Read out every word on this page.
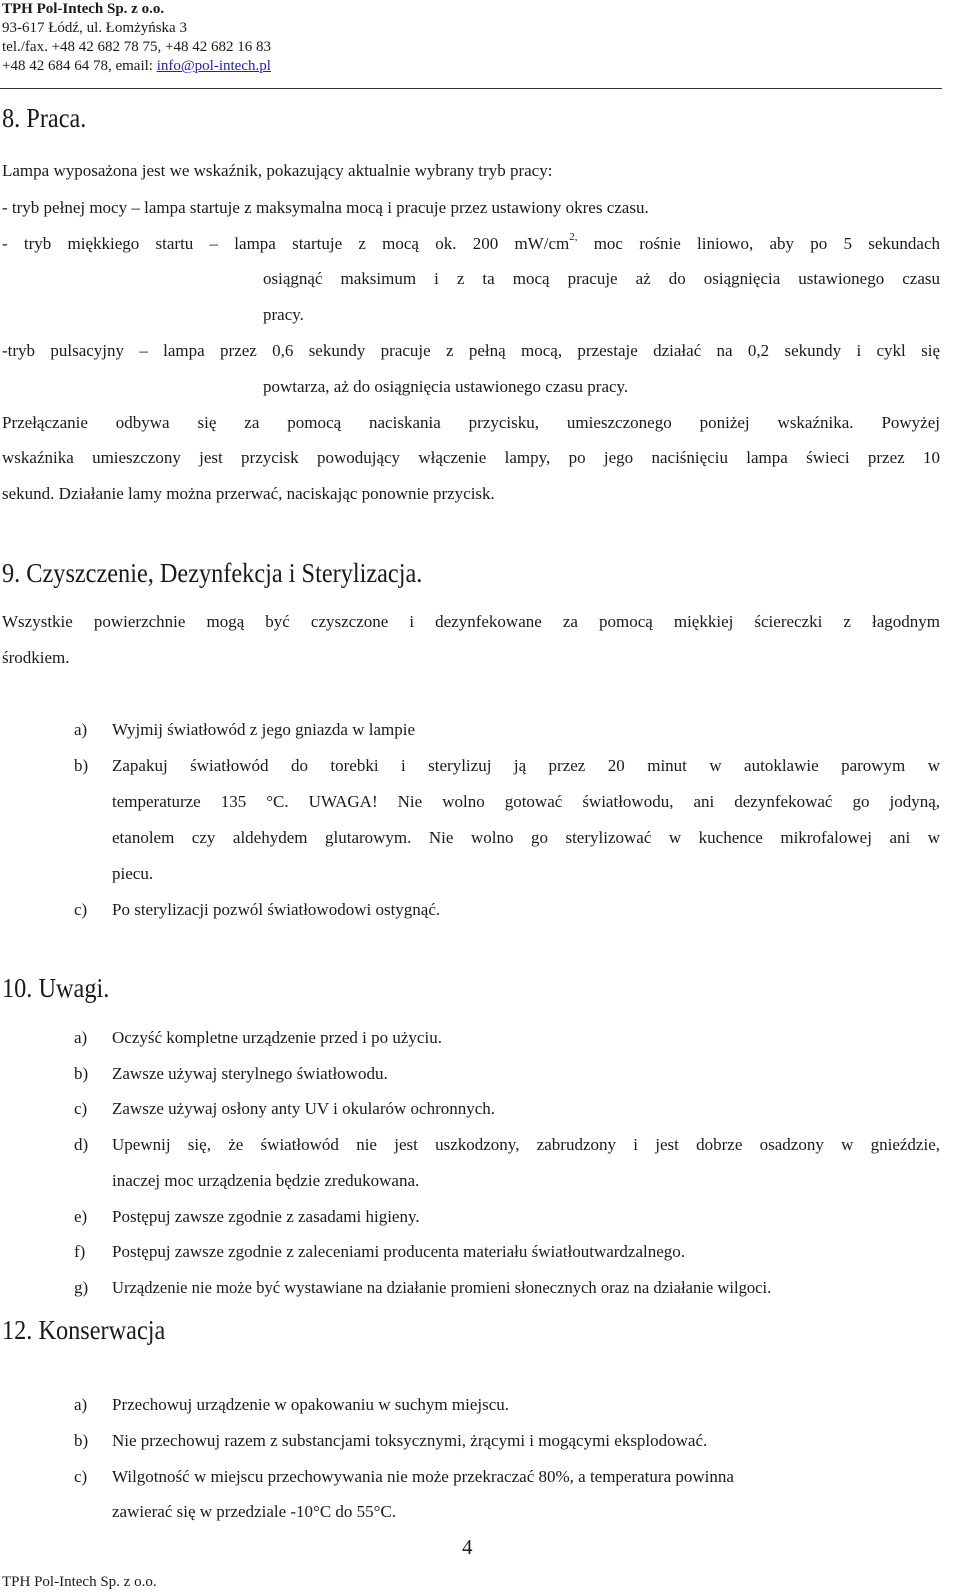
TPH Pol-Intech Sp. z o.o.
93-617 Łódź, ul. Łomżyńska 3
tel./fax. +48 42 682 78 75, +48 42 682 16 83
+48 42 684 64 78, email: info@pol-intech.pl
8. Praca.
Lampa wyposażona jest we wskaźnik, pokazujący aktualnie wybrany tryb pracy:
- tryb pełnej mocy – lampa startuje z maksymalna mocą i pracuje przez ustawiony okres czasu.
- tryb miękkiego startu – lampa startuje z mocą ok. 200 $mW/cm^{2,}$ moc rośnie liniowo, aby po 5 sekundach
osiągnąć maksimum i z ta mocą pracuje aż do osiągnięcia ustawionego czasu
pracy.
-tryb pulsacyjny – lampa przez 0,6 sekundy pracuje z pełną mocą, przestaje działać na 0,2 sekundy i cykl się
powtarza, aż do osiągnięcia ustawionego czasu pracy.
Przełączanie odbywa się za pomocą naciskania przycisku, umieszczonego poniżej wskaźnika. Powyżej
wskaźnika umieszczony jest przycisk powodujący włączenie lampy, po jego naciśnięciu lampa świeci przez 10
sekund. Działanie lamy można przerwać, naciskając ponownie przycisk.
9. Czyszczenie, Dezynfekcja i Sterylizacja.
Wszystkie powierzchnie mogą być czyszczone i dezynfekowane za pomocą miękkiej ściereczki z łagodnym
środkiem.
a) Wyjmij światłowód z jego gniazda w lampie
b) Zapakuj światłowód do torebki i sterylizuj ją przez 20 minut w autoklawie parowym w
temperaturze 135 °C. UWAGA! Nie wolno gotować światłowodu, ani dezynfekować go jodyną,
etanolem czy aldehydem glutarowym. Nie wolno go sterylizować w kuchence mikrofalowej ani w
piecu.
c) Po sterylizacji pozwól światłowodowi ostygnąć.
10. Uwagi.
a) Oczyść kompletne urządzenie przed i po użyciu.
b) Zawsze używaj sterylnego światłowodu.
c) Zawsze używaj osłony anty UV i okularów ochronnych.
d) Upewnij się, że światłowód nie jest uszkodzony, zabrudzony i jest dobrze osadzony w gnieździe,
inaczej moc urządzenia będzie zredukowana.
e) Postępuj zawsze zgodnie z zasadami higieny.
f) Postępuj zawsze zgodnie z zaleceniami producenta materiału światłoutwardzalnego.
g) Urządzenie nie może być wystawiane na działanie promieni słonecznych oraz na działanie wilgoci.
12. Konserwacja
a) Przechowuj urządzenie w opakowaniu w suchym miejscu.
b) Nie przechowuj razem z substancjami toksycznymi, żrącymi i mogącymi eksplodować.
c) Wilgotność w miejscu przechowywania nie może przekraczać 80%, a temperatura powinna
zawierać się w przedziale -10°C do 55°C.
4
TPH Pol-Intech Sp. z o.o.
